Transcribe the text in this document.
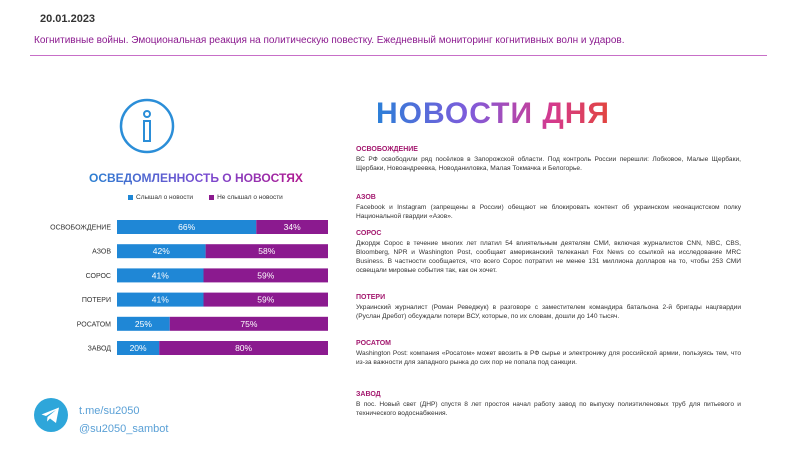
20.01.2023
Когнитивные войны. Эмоциональная реакция на политическую повестку. Ежедневный мониторинг когнитивных волн и ударов.
ОСВЕДОМЛЕННОСТЬ О НОВОСТЯХ
Слышал о новости	Не слышал о новости
ОСВОБОЖДЕНИЕ	66%	34%
АЗОВ	42%	58%
СОРОС	41%	59%
ПОТЕРИ	41%	59%
РОСАТОМ	25%	75%
ЗАВОД 20%	80%
НОВОСТИ ДНЯ
ОСВОБОЖДЕНИЕ
ВС РФ освободили ряд посёлков в Запорожской области. Под контроль России перешли: Лобковое, Малые Щербаки, Щербаки, Новоандреевка, Новоданиловка, Малая Токмачка и Белогорье.
АЗОВ
Facebook и Instagram (запрещены в России) обещают не блокировать контент об украинском неонацистском полку Национальной гвардии «Азов».
СОРОС
Джордж Сорос в течение многих лет платил 54 влиятельным деятелям СМИ, включая журналистов CNN, NBC, CBS, Bloomberg, NPR и Washington Post, сообщает американский телеканал Fox News со ссылкой на исследование MRC Business. В частности сообщается, что всего Сорос потратил не менее 131 миллиона долларов на то, чтобы 253 СМИ освещали мировые события так, как он хочет.
ПОТЕРИ
Украинский журналист (Роман Реведжук) в разговоре с заместителем командира батальона 2-й бригады нацгвардии (Руслан Дребот) обсуждали потери ВСУ, которые, по их словам, дошли до 140 тысяч.
РОСАТОМ
Washington Post: компания «Росатом» может ввозить в РФ сырье и электронику для российской армии, пользуясь тем, что из-за важности для западного рынка до сих пор не попала под санкции.
ЗАВОД
В пос. Новый свет (ДНР) спустя 8 лет простоя начал работу завод по выпуску полиэтиленовых труб для питьевого и технического водоснабжения.
t.me/su2050
@su2050_sambot
